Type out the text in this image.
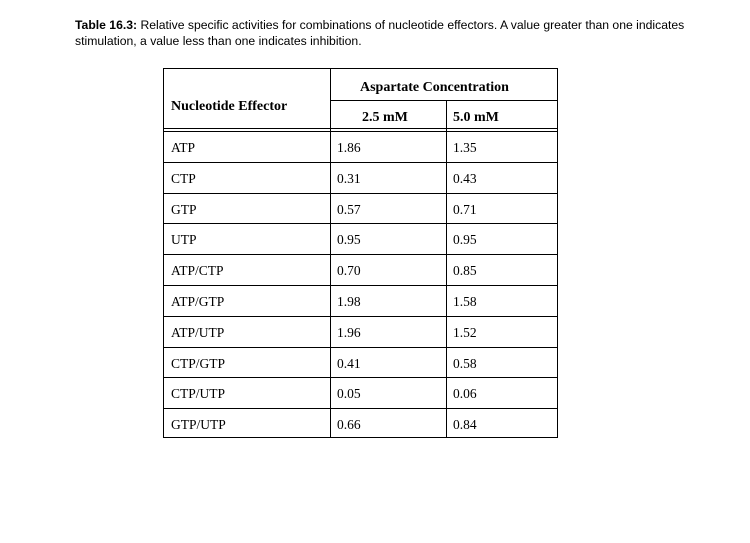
Table 16.3: Relative specific activities for combinations of nucleotide effectors. A value greater than one indicates stimulation, a value less than one indicates inhibition.
Nucleotide Effector
Aspartate Concentration
2.5 mM	5.0 mM
ATP	1.86	1.35
CTP	0.31	0.43
GTP	0.57	0.71
UTP	0.95	0.95
ATP/CTP	0.70	0.85
ATP/GTP	1.98	1.58
ATP/UTP	1.96	1.52
CTP/GTP	0.41	0.58
CTP/UTP	0.05	0.06
GTP/UTP	0.66	0.84
